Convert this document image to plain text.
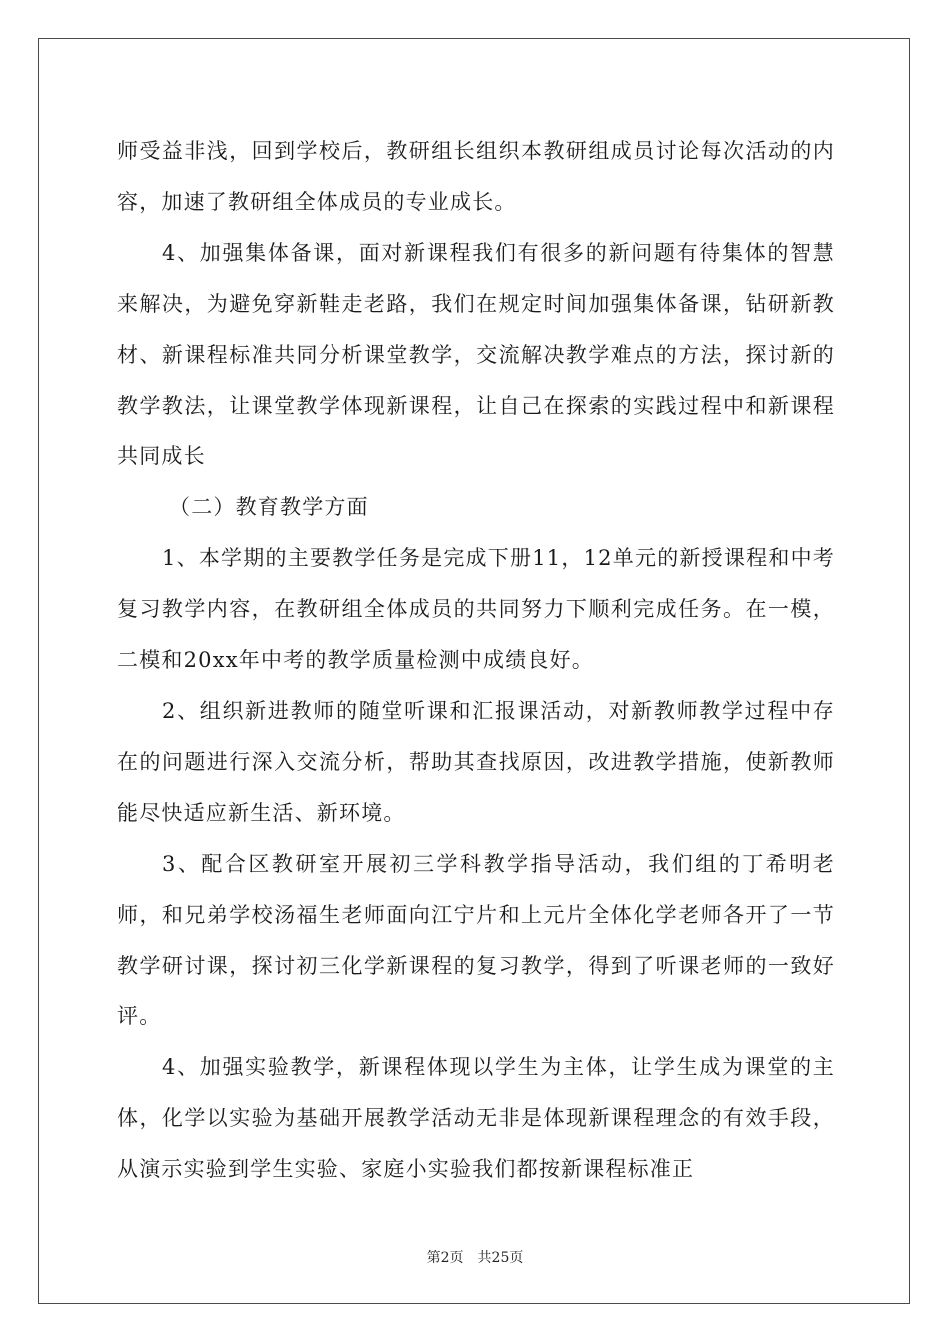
师受益非浅，回到学校后，教研组长组织本教研组成员讨论每次活动的内容，加速了教研组全体成员的专业成长。

4、加强集体备课，面对新课程我们有很多的新问题有待集体的智慧来解决，为避免穿新鞋走老路，我们在规定时间加强集体备课，钻研新教材、新课程标准共同分析课堂教学，交流解决教学难点的方法，探讨新的教学教法，让课堂教学体现新课程，让自己在探索的实践过程中和新课程共同成长

（二）教育教学方面

1、本学期的主要教学任务是完成下册11，12单元的新授课程和中考复习教学内容，在教研组全体成员的共同努力下顺利完成任务。在一模，二模和20xx年中考的教学质量检测中成绩良好。

2、组织新进教师的随堂听课和汇报课活动，对新教师教学过程中存在的问题进行深入交流分析，帮助其查找原因，改进教学措施，使新教师能尽快适应新生活、新环境。

3、配合区教研室开展初三学科教学指导活动，我们组的丁希明老师，和兄弟学校汤福生老师面向江宁片和上元片全体化学老师各开了一节教学研讨课，探讨初三化学新课程的复习教学，得到了听课老师的一致好评。

4、加强实验教学，新课程体现以学生为主体，让学生成为课堂的主体，化学以实验为基础开展教学活动无非是体现新课程理念的有效手段，从演示实验到学生实验、家庭小实验我们都按新课程标准正

第2页 共25页
